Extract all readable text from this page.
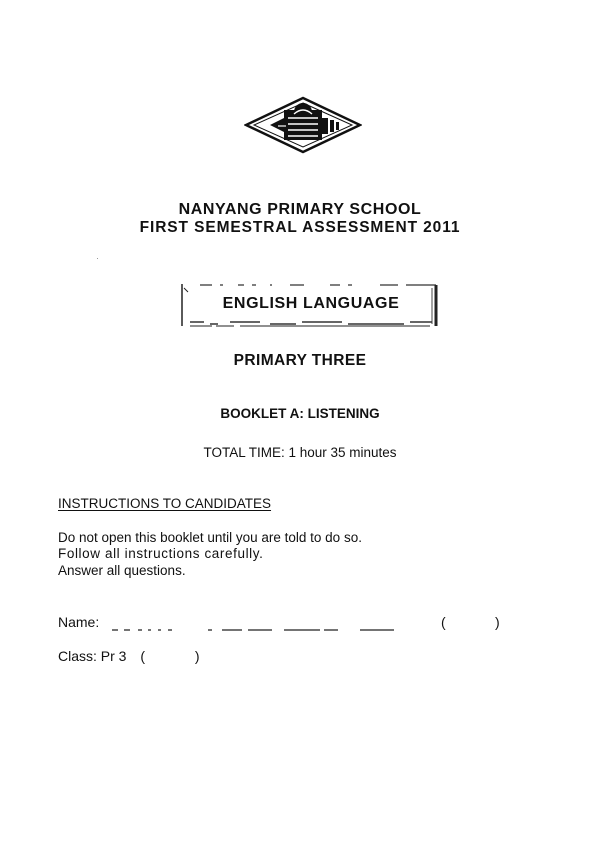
NANYANG PRIMARY SCHOOL
FIRST SEMESTRAL ASSESSMENT 2011
ENGLISH LANGUAGE
PRIMARY THREE
BOOKLET A: LISTENING
TOTAL TIME: 1 hour 35 minutes
INSTRUCTIONS TO CANDIDATES
Do not open this booklet until you are told to do so.
Follow all instructions carefully.
Answer all questions.
Name:	(	)
Class: Pr 3 (	)
